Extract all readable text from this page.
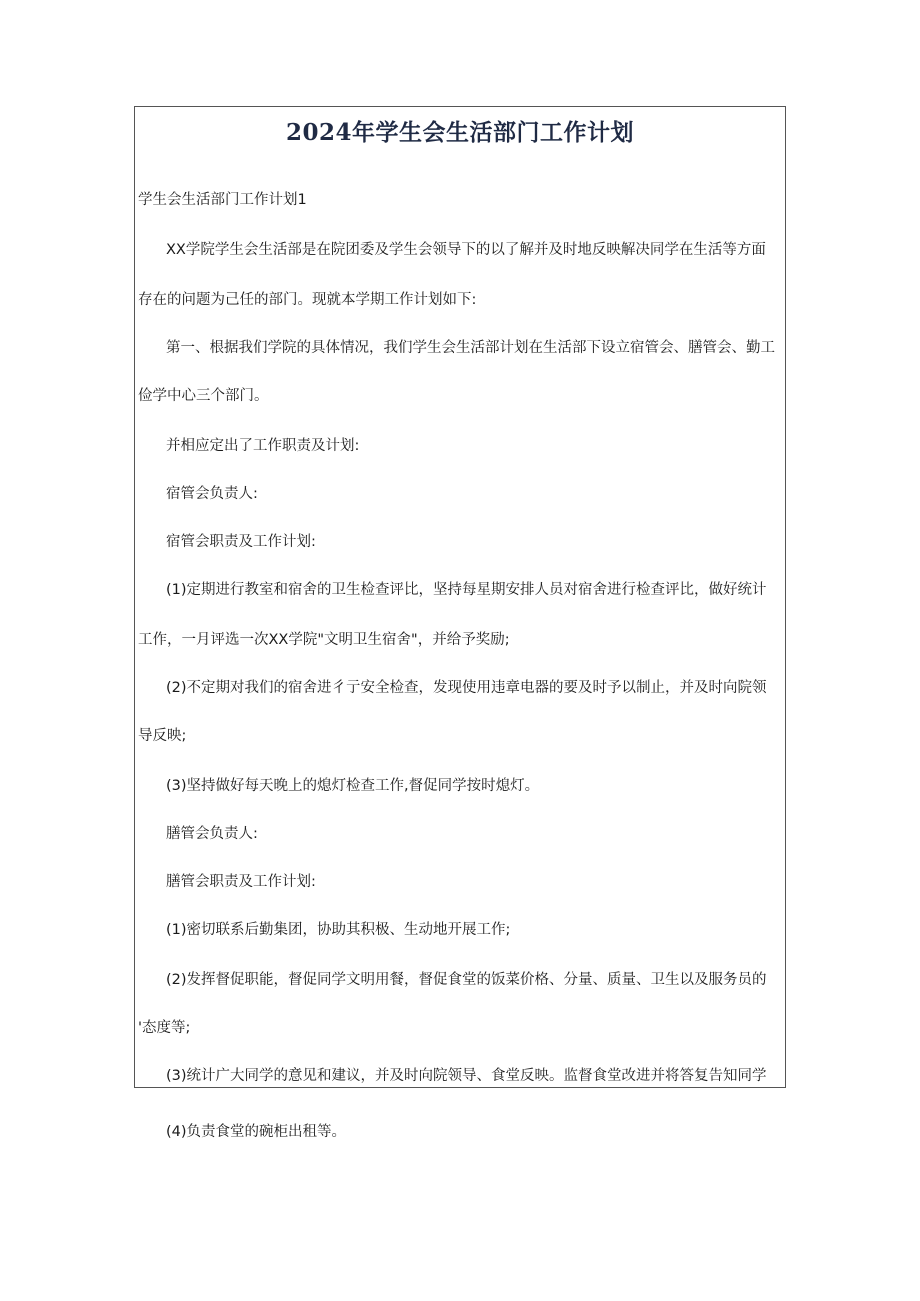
2024年学生会生活部门工作计划
学生会生活部门工作计划1
XX学院学生会生活部是在院团委及学生会领导下的以了解并及时地反映解决同学在生活等方面
存在的问题为己任的部门。现就本学期工作计划如下:
第一、根据我们学院的具体情况，我们学生会生活部计划在生活部下设立宿管会、膳管会、勤工
俭学中心三个部门。
并相应定出了工作职责及计划:
宿管会负责人:
宿管会职责及工作计划:
(1)定期进行教室和宿舍的卫生检查评比，坚持每星期安排人员对宿舍进行检查评比，做好统计
工作，一月评选一次XX学院"文明卫生宿舍"，并给予奖励;
(2)不定期对我们的宿舍进彳亍安全检查，发现使用违章电器的要及时予以制止，并及时向院领
导反映;
(3)坚持做好每天晚上的熄灯检查工作,督促同学按时熄灯。
膳管会负责人:
膳管会职责及工作计划:
(1)密切联系后勤集团，协助其积极、生动地开展工作;
(2)发挥督促职能，督促同学文明用餐，督促食堂的饭菜价格、分量、质量、卫生以及服务员的
'态度等;
(3)统计广大同学的意见和建议，并及时向院领导、食堂反映。监督食堂改进并将答复告知同学
(4)负责食堂的碗柜出租等。
